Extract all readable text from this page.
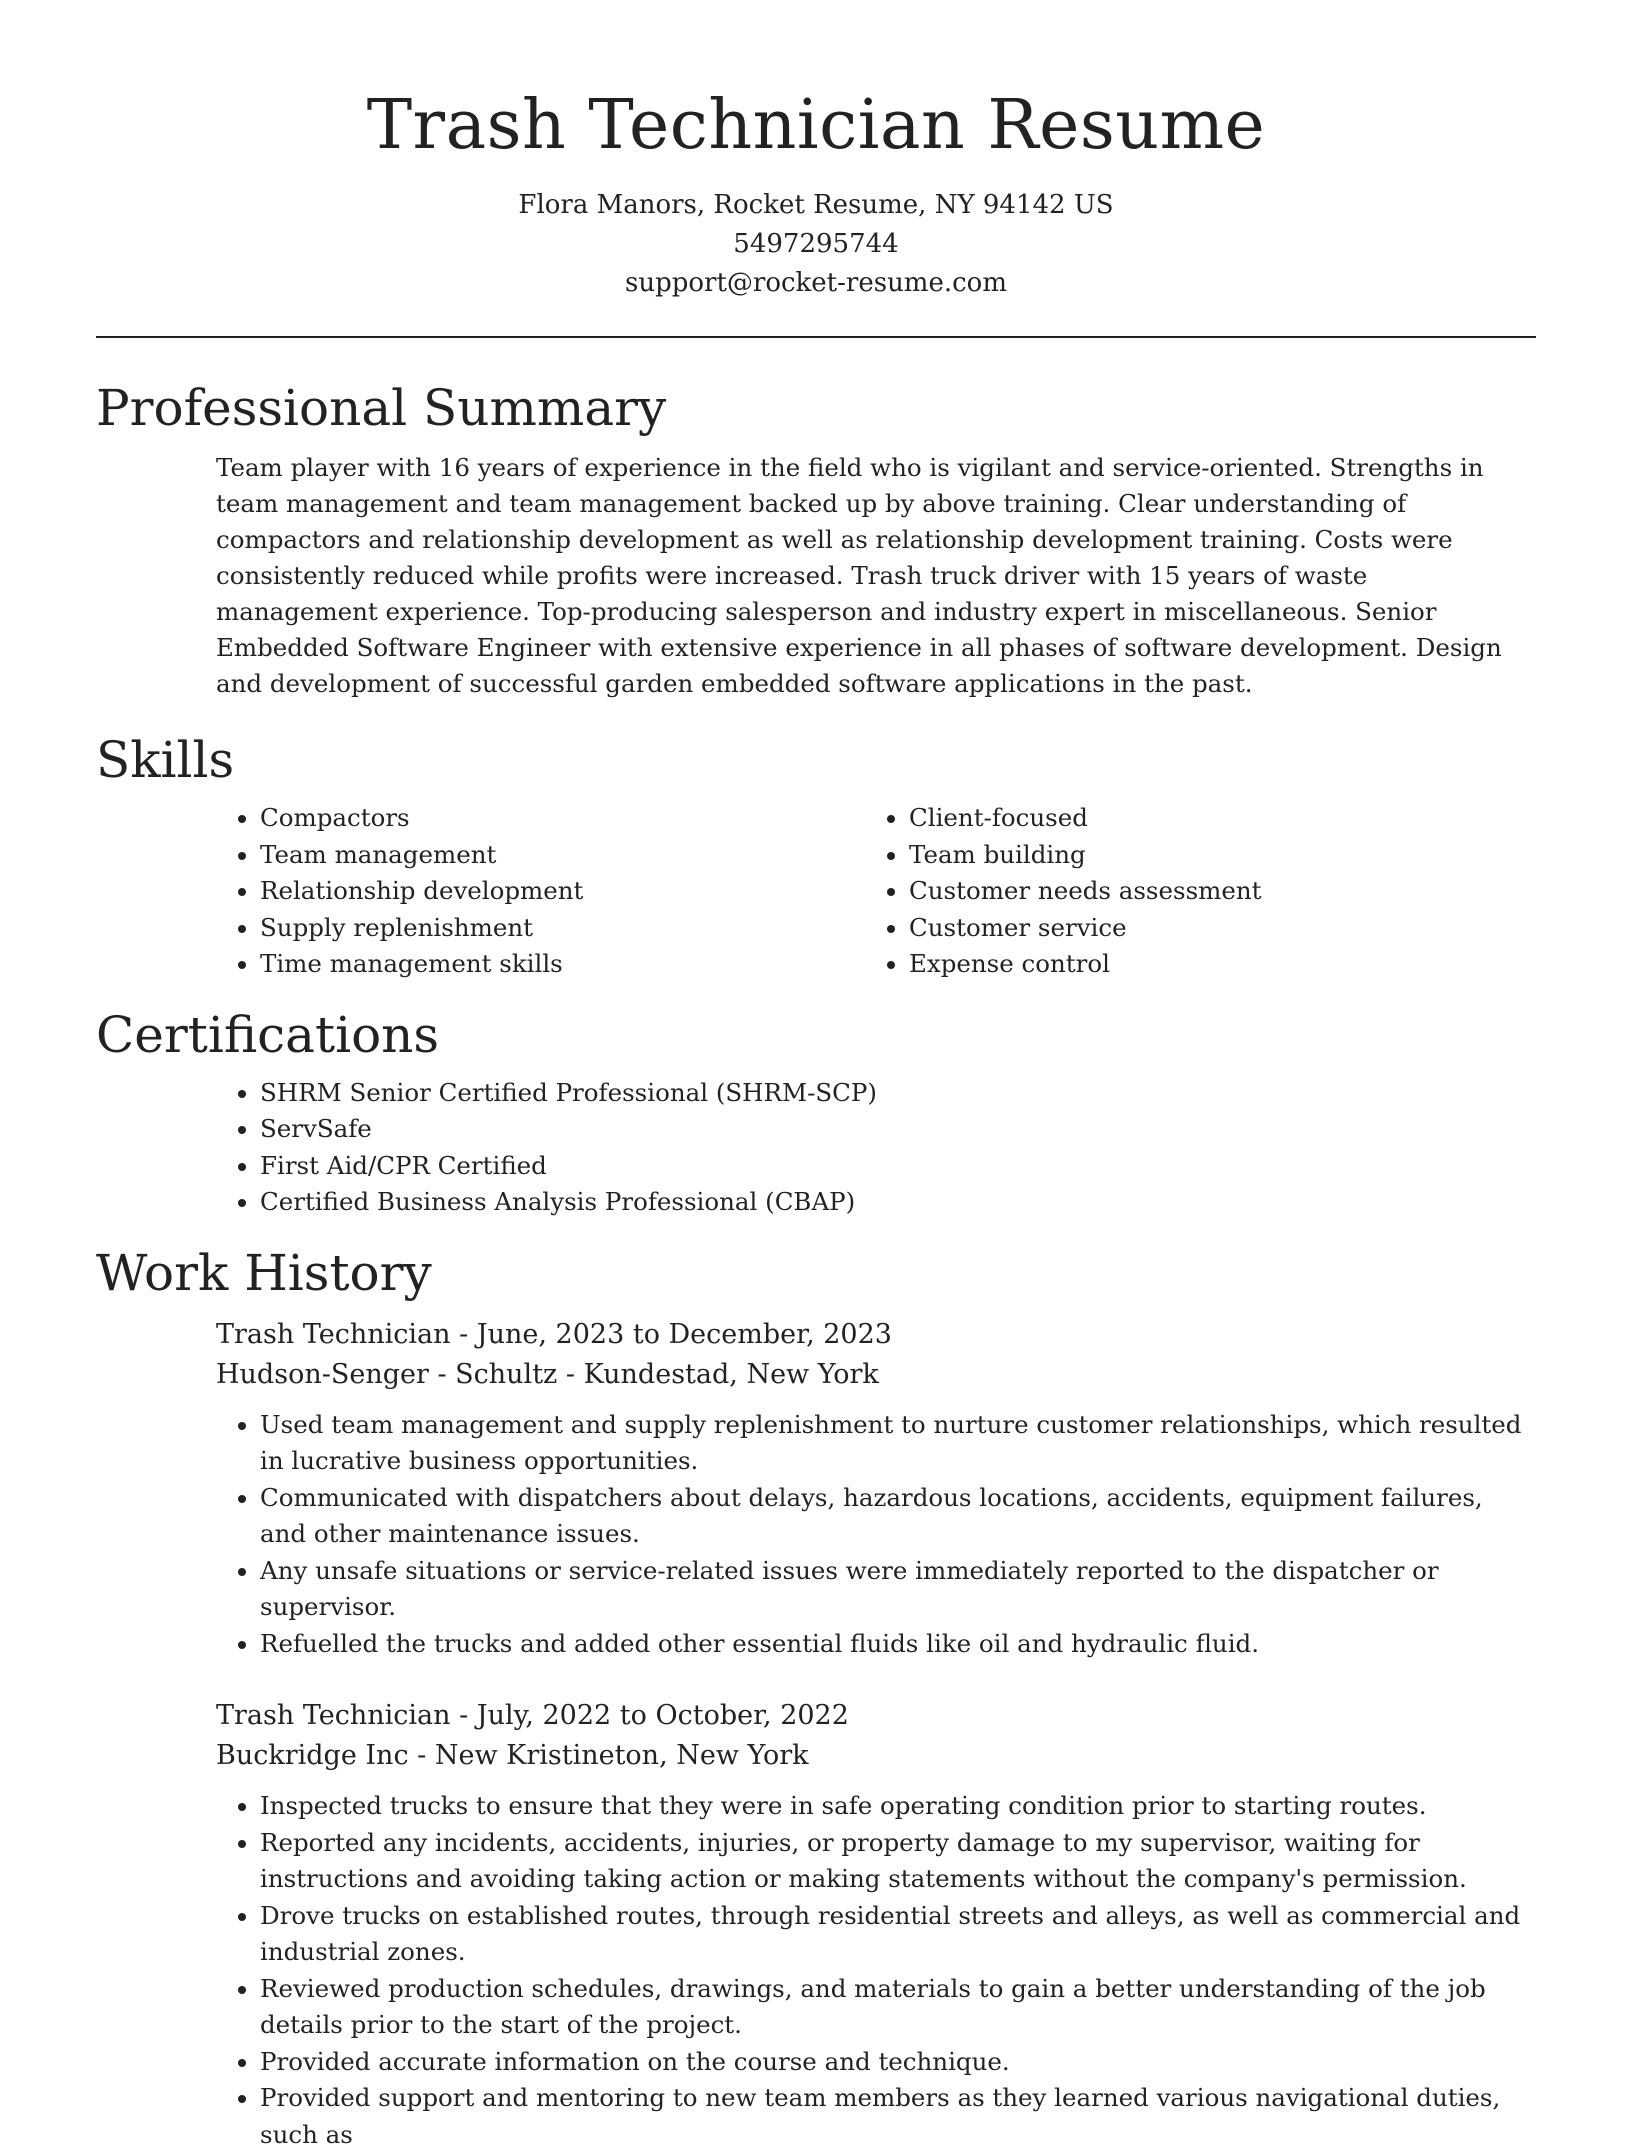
Trash Technician Resume
Flora Manors, Rocket Resume, NY 94142 US
5497295744
support@rocket-resume.com
Professional Summary

Team player with 16 years of experience in the field who is vigilant and service-oriented. Strengths in team management and team management backed up by above training. Clear understanding of compactors and relationship development as well as relationship development training. Costs were consistently reduced while profits were increased. Trash truck driver with 15 years of waste management experience. Top-producing salesperson and industry expert in miscellaneous. Senior Embedded Software Engineer with extensive experience in all phases of software development. Design and development of successful garden embedded software applications in the past.

Skills
• Compactors
• Team management
• Relationship development
• Supply replenishment
• Time management skills
• Client-focused
• Team building
• Customer needs assessment
• Customer service
• Expense control
Certifications
• SHRM Senior Certified Professional (SHRM-SCP)
• ServSafe
• First Aid/CPR Certified
• Certified Business Analysis Professional (CBAP)
Work History
Trash Technician - June, 2023 to December, 2023
Hudson-Senger - Schultz - Kundestad, New York
• Used team management and supply replenishment to nurture customer relationships, which resulted in lucrative business opportunities.
• Communicated with dispatchers about delays, hazardous locations, accidents, equipment failures, and other maintenance issues.
• Any unsafe situations or service-related issues were immediately reported to the dispatcher or supervisor.
• Refuelled the trucks and added other essential fluids like oil and hydraulic fluid.
Trash Technician - July, 2022 to October, 2022
Buckridge Inc - New Kristineton, New York
• Inspected trucks to ensure that they were in safe operating condition prior to starting routes.
• Reported any incidents, accidents, injuries, or property damage to my supervisor, waiting for instructions and avoiding taking action or making statements without the company's permission.
• Drove trucks on established routes, through residential streets and alleys, as well as commercial and industrial zones.
• Reviewed production schedules, drawings, and materials to gain a better understanding of the job details prior to the start of the project.
• Provided accurate information on the course and technique.
• Provided support and mentoring to new team members as they learned various navigational duties, such as
